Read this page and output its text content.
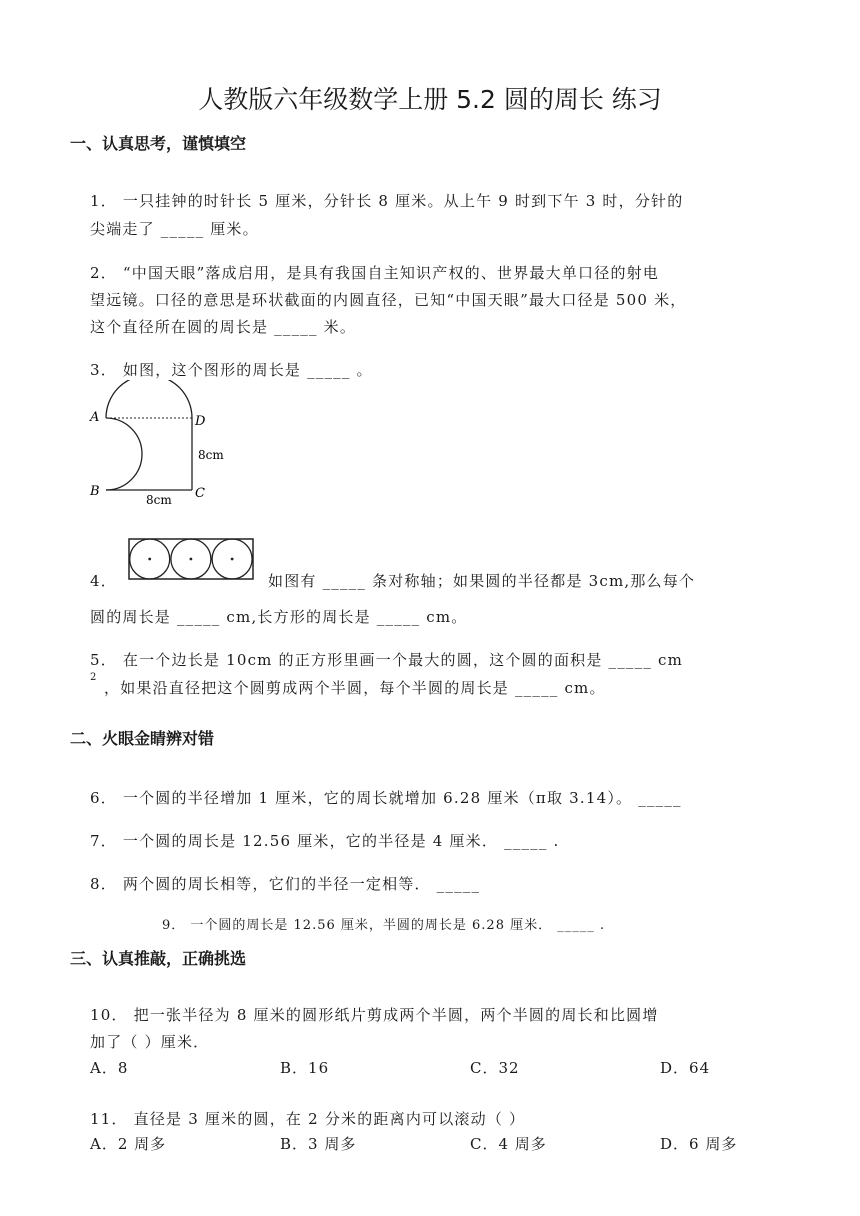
人教版六年级数学上册 5.2 圆的周长 练习
一、认真思考，谨慎填空
1． 一只挂钟的时针长 5 厘米，分针长 8 厘米。从上午 9 时到下午 3 时，分针的
尖端走了 _____ 厘米。
2． “中国天眼”落成启用，是具有我国自主知识产权的、世界最大单口径的射电
望远镜。口径的意思是环状截面的内圆直径，已知“中国天眼”最大口径是 500 米，
这个直径所在圆的周长是 _____ 米。
3． 如图，这个图形的周长是 _____ 。
A	D
8cm
B	C
8cm
4．	如图有 _____ 条对称轴；如果圆的半径都是 3cm,那么每个
圆的周长是 _____ cm,长方形的周长是 _____ cm。
5． 在一个边长是 10cm 的正方形里画一个最大的圆，这个圆的面积是 _____ cm
2
，如果沿直径把这个圆剪成两个半圆，每个半圆的周长是 _____ cm。
二、火眼金睛辨对错
6． 一个圆的半径增加 1 厘米，它的周长就增加 6.28 厘米（π取 3.14）。 _____
7． 一个圆的周长是 12.56 厘米，它的半径是 4 厘米． _____ .
8． 两个圆的周长相等，它们的半径一定相等． _____
9． 一个圆的周长是 12.56 厘米，半圆的周长是 6.28 厘米． _____ .
三、认真推敲，正确挑选
10． 把一张半径为 8 厘米的圆形纸片剪成两个半圆，两个半圆的周长和比圆增
加了（ ）厘米．
A．8	B．16	C．32	D．64
11． 直径是 3 厘米的圆，在 2 分米的距离内可以滚动（ ）
A．2 周多	B．3 周多	C．4 周多	D．6 周多
